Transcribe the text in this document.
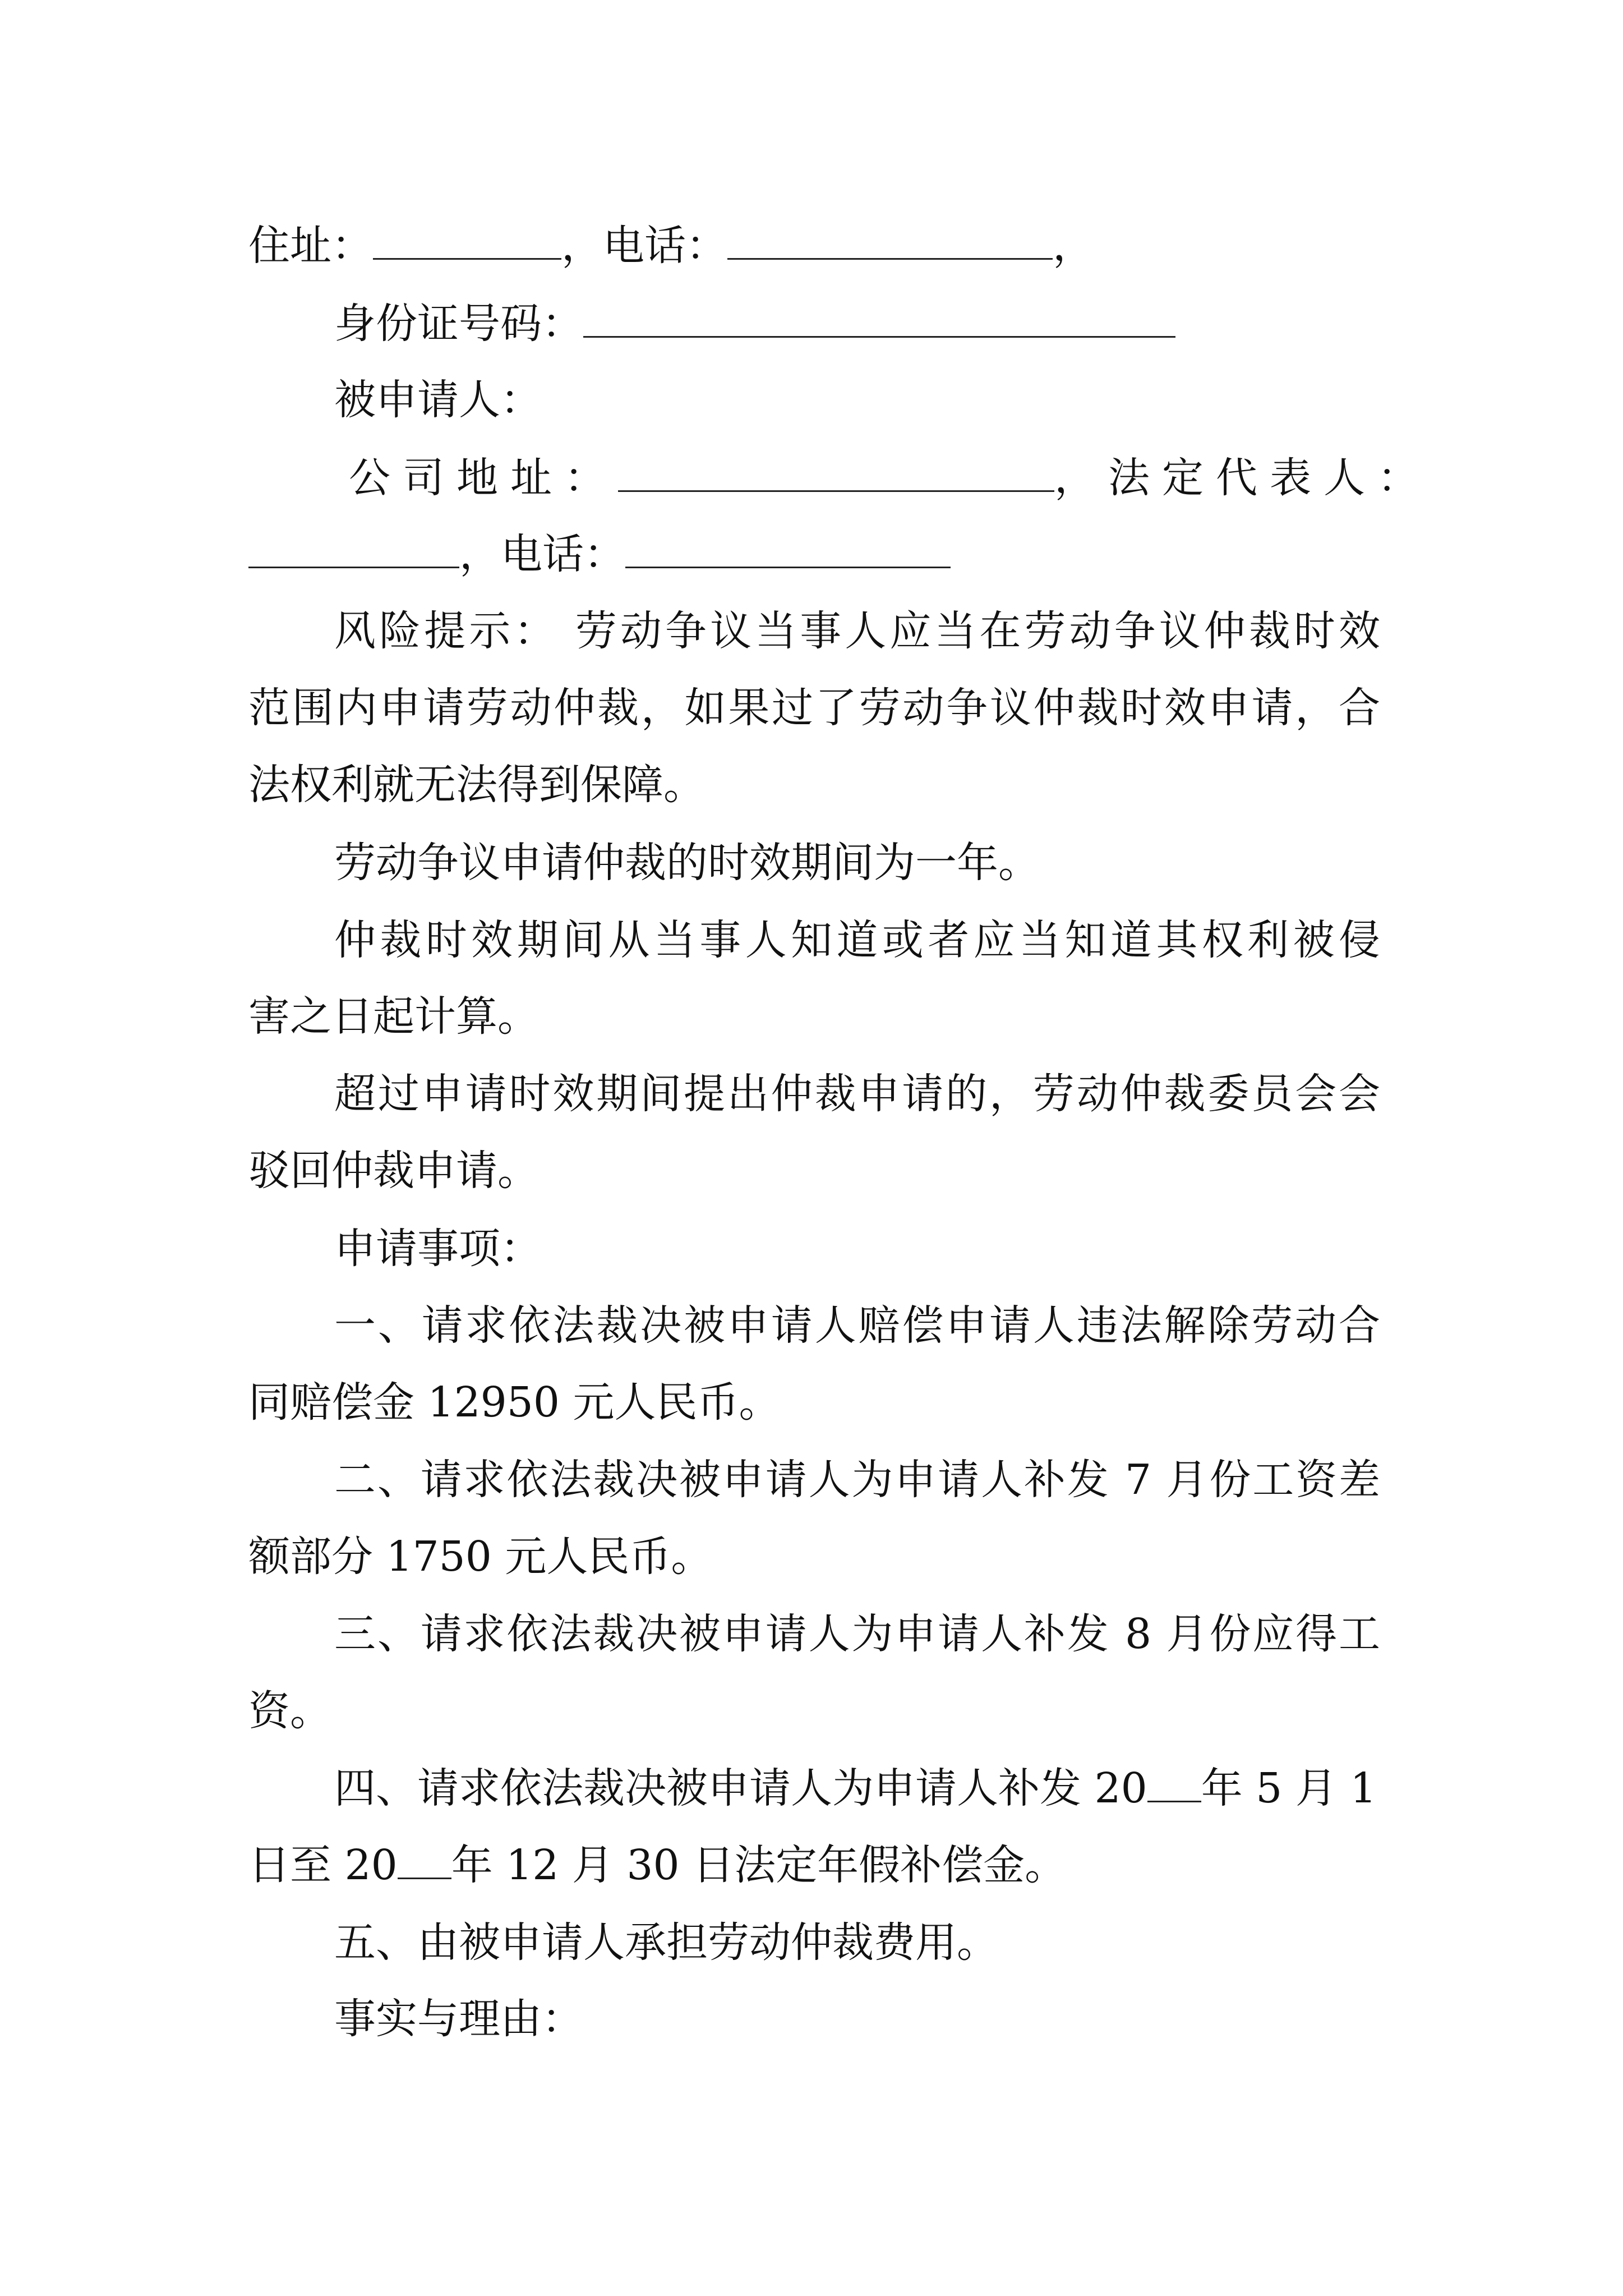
住址：	，电话：	，
身份证号码：
被申请人：
公司地址：	，法定代表人：
，电话：
风险提示： 劳动争议当事人应当在劳动争议仲裁时效
范围内申请劳动仲裁，如果过了劳动争议仲裁时效申请，合
法权利就无法得到保障。
劳动争议申请仲裁的时效期间为一年。
仲裁时效期间从当事人知道或者应当知道其权利被侵
害之日起计算。
超过申请时效期间提出仲裁申请的，劳动仲裁委员会会
驳回仲裁申请。
申请事项：
一、请求依法裁决被申请人赔偿申请人违法解除劳动合
同赔偿金 12950 元人民币。
二、请求依法裁决被申请人为申请人补发 7 月份工资差
额部分 1750 元人民币。
三、请求依法裁决被申请人为申请人补发 8 月份应得工
资。
四、请求依法裁决被申请人为申请人补发 20 年 5 月 1
日至 20 年 12 月 30 日法定年假补偿金。
五、由被申请人承担劳动仲裁费用。
事实与理由：
